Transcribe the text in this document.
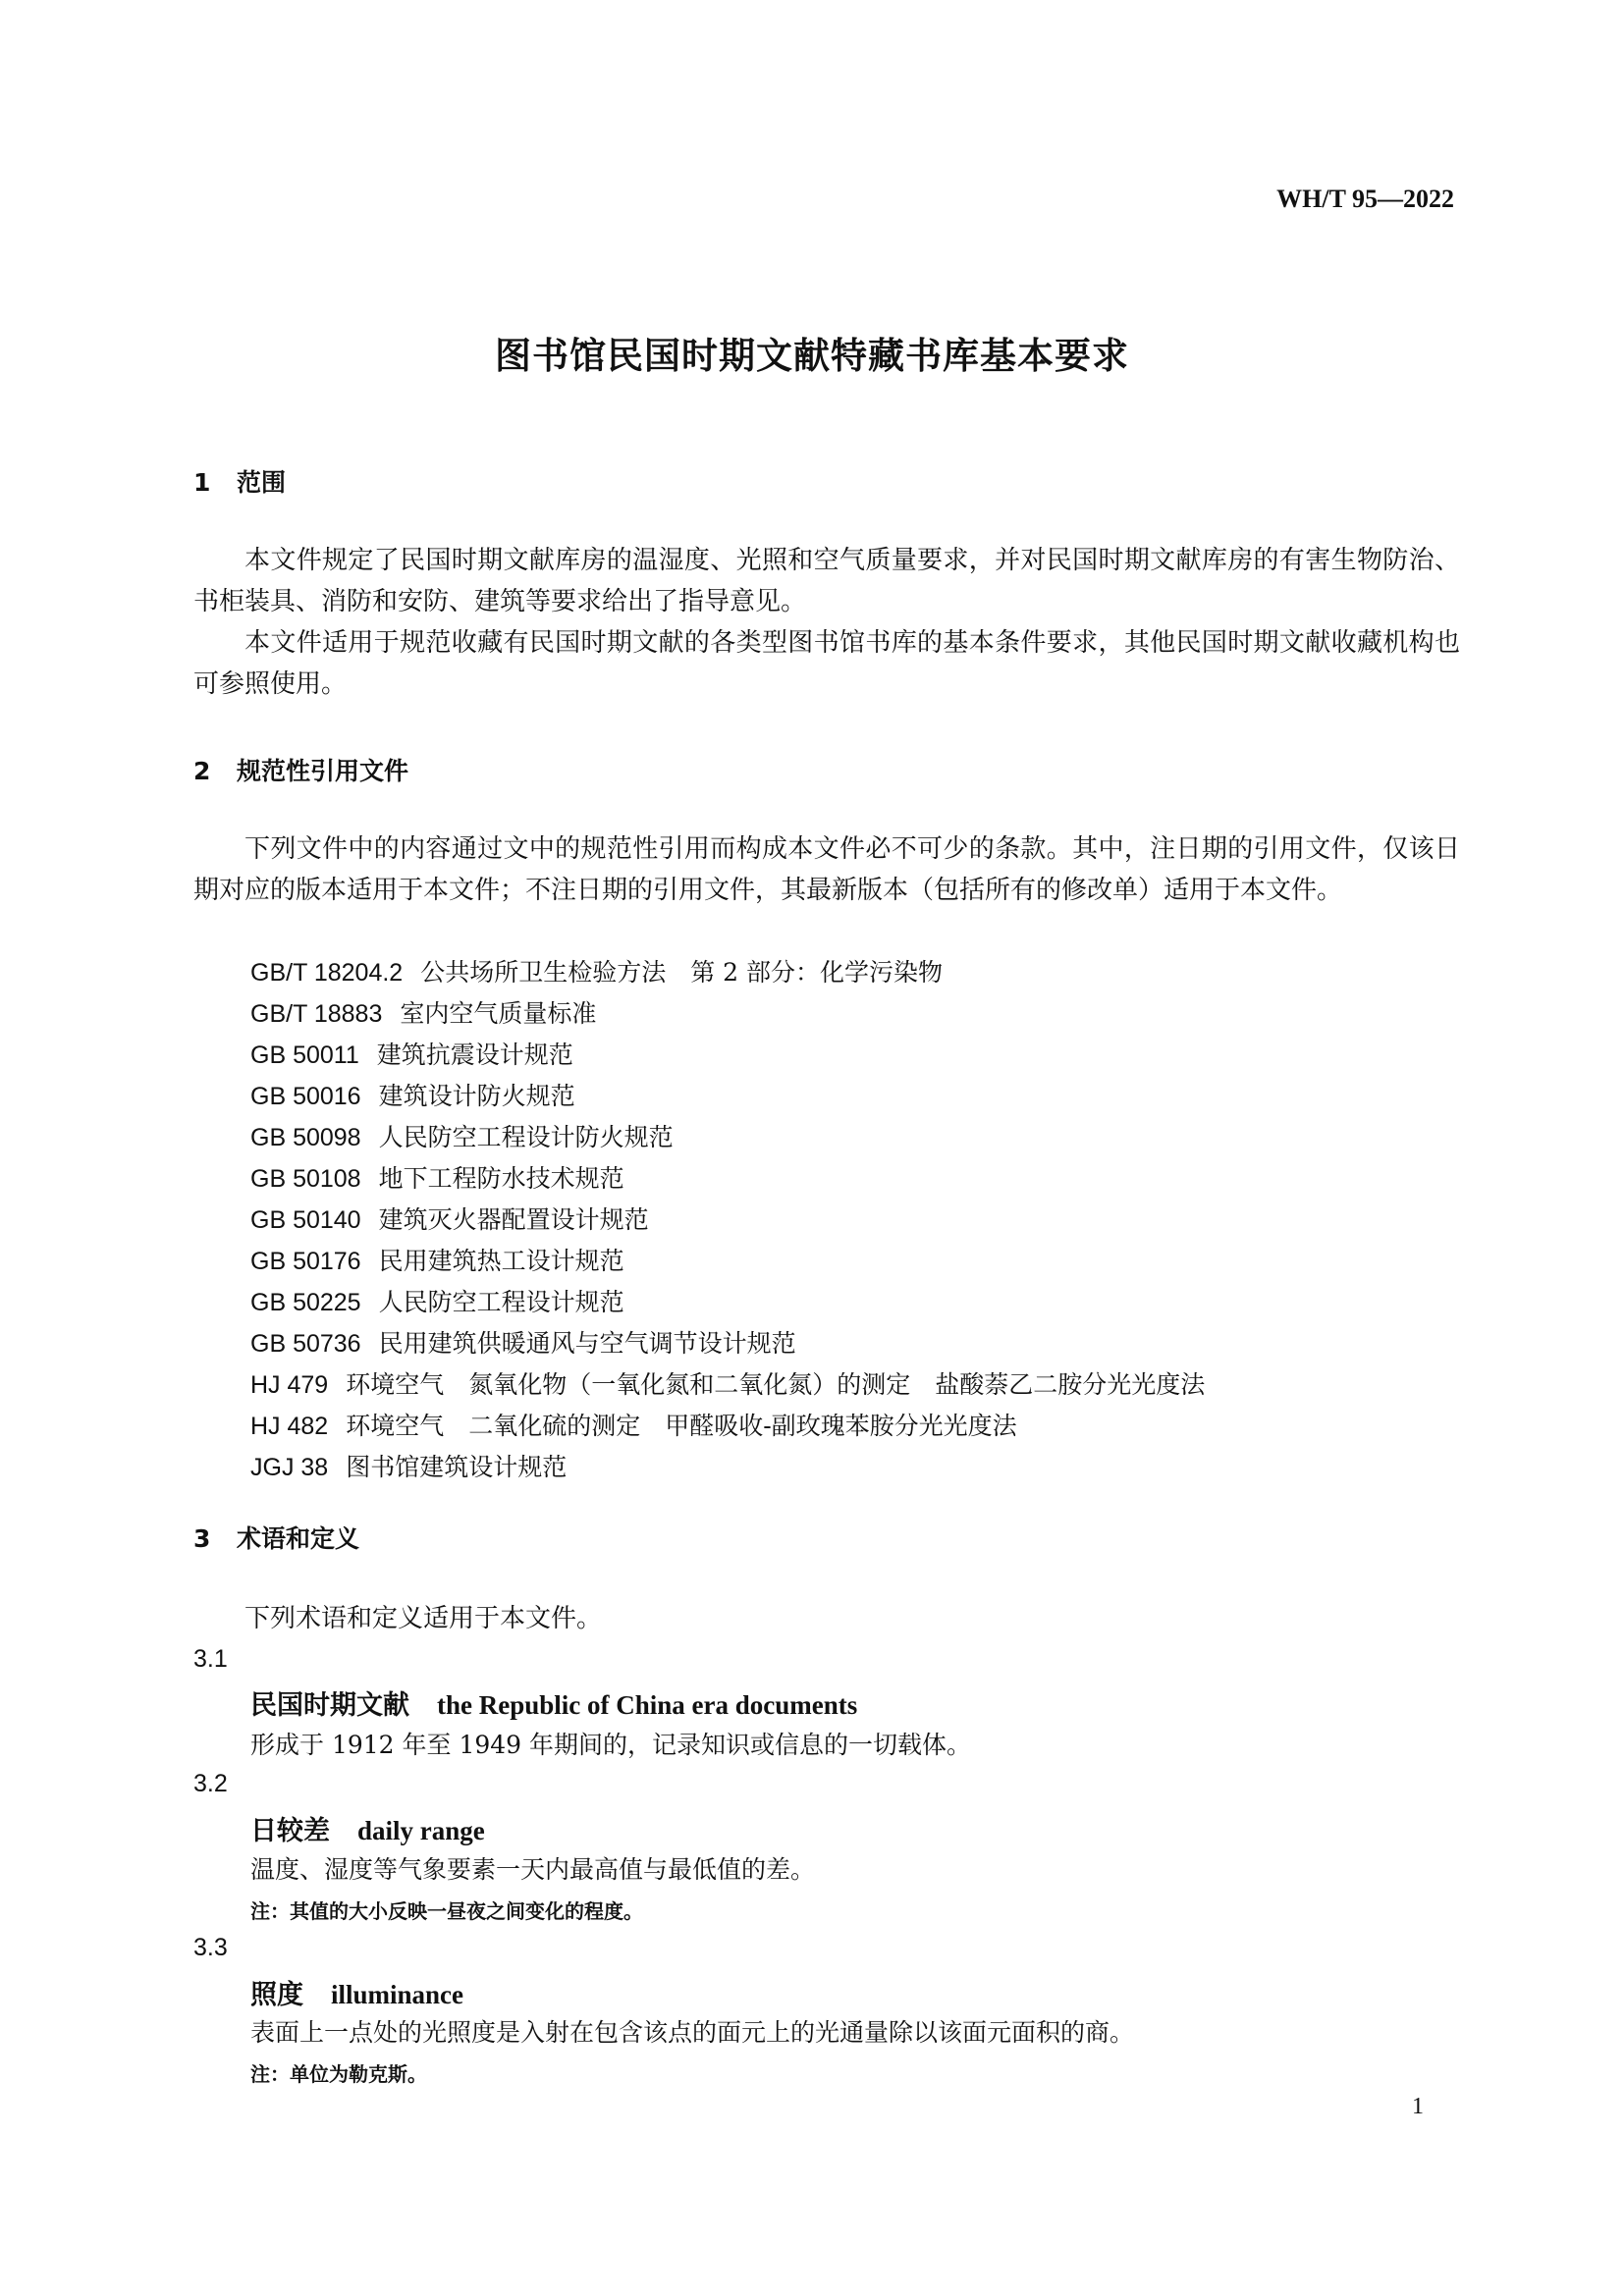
WH/T 95—2022
图书馆民国时期文献特藏书库基本要求
1 范围
本文件规定了民国时期文献库房的温湿度、光照和空气质量要求，并对民国时期文献库房的有害生物防治、书柜装具、消防和安防、建筑等要求给出了指导意见。
本文件适用于规范收藏有民国时期文献的各类型图书馆书库的基本条件要求，其他民国时期文献收藏机构也可参照使用。
2 规范性引用文件
下列文件中的内容通过文中的规范性引用而构成本文件必不可少的条款。其中，注日期的引用文件，仅该日期对应的版本适用于本文件；不注日期的引用文件，其最新版本（包括所有的修改单）适用于本文件。
GB/T 18204.2 公共场所卫生检验方法　第 2 部分：化学污染物
GB/T 18883 室内空气质量标准
GB 50011 建筑抗震设计规范
GB 50016 建筑设计防火规范
GB 50098 人民防空工程设计防火规范
GB 50108 地下工程防水技术规范
GB 50140 建筑灭火器配置设计规范
GB 50176 民用建筑热工设计规范
GB 50225 人民防空工程设计规范
GB 50736 民用建筑供暖通风与空气调节设计规范
HJ 479 环境空气　氮氧化物（一氧化氮和二氧化氮）的测定　盐酸萘乙二胺分光光度法
HJ 482 环境空气　二氧化硫的测定　甲醛吸收-副玫瑰苯胺分光光度法
JGJ 38 图书馆建筑设计规范
3 术语和定义
下列术语和定义适用于本文件。
3.1
民国时期文献 the Republic of China era documents
形成于 1912 年至 1949 年期间的，记录知识或信息的一切载体。
3.2
日较差 daily range
温度、湿度等气象要素一天内最高值与最低值的差。
注：其值的大小反映一昼夜之间变化的程度。
3.3
照度 illuminance
表面上一点处的光照度是入射在包含该点的面元上的光通量除以该面元面积的商。
注：单位为勒克斯。
1
